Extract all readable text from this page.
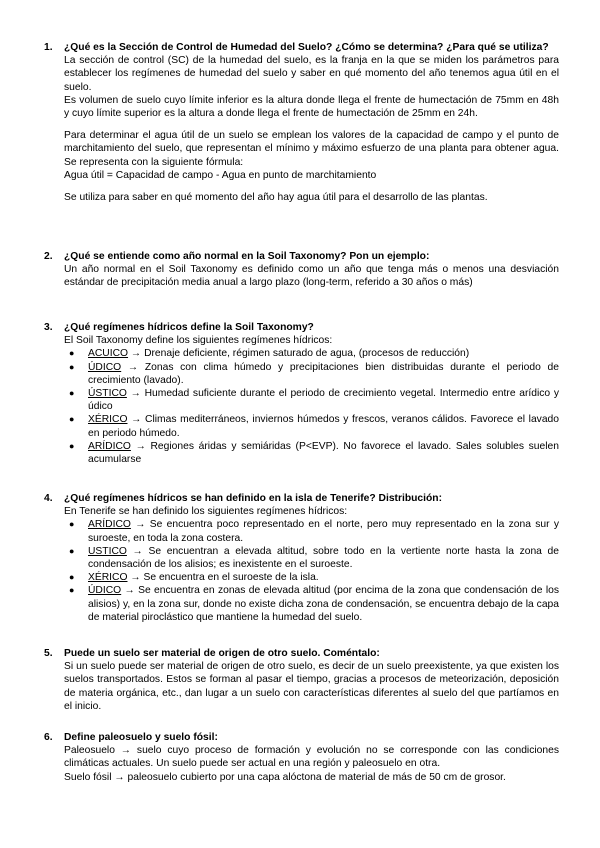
1. ¿Qué es la Sección de Control de Humedad del Suelo? ¿Cómo se determina? ¿Para qué se utiliza?
La sección de control (SC) de la humedad del suelo, es la franja en la que se miden los parámetros para establecer los regímenes de humedad del suelo y saber en qué momento del año tenemos agua útil en el suelo.
Es volumen de suelo cuyo límite inferior es la altura donde llega el frente de humectación de 75mm en 48h y cuyo límite superior es la altura a donde llega el frente de humectación de 25mm en 24h.
Para determinar el agua útil de un suelo se emplean los valores de la capacidad de campo y el punto de marchitamiento del suelo, que representan el mínimo y máximo esfuerzo de una planta para obtener agua. Se representa con la siguiente fórmula:
Agua útil = Capacidad de campo - Agua en punto de marchitamiento
Se utiliza para saber en qué momento del año hay agua útil para el desarrollo de las plantas.
2. ¿Qué se entiende como año normal en la Soil Taxonomy? Pon un ejemplo:
Un año normal en el Soil Taxonomy es definido como un año que tenga más o menos una desviación estándar de precipitación media anual a largo plazo (long-term, referido a 30 años o más)
3. ¿Qué regímenes hídricos define la Soil Taxonomy?
El Soil Taxonomy define los siguientes regímenes hídricos:
● ACUICO → Drenaje deficiente, régimen saturado de agua, (procesos de reducción)
● ÚDICO → Zonas con clima húmedo y precipitaciones bien distribuidas durante el periodo de crecimiento (lavado).
● ÚSTICO → Humedad suficiente durante el periodo de crecimiento vegetal. Intermedio entre arídico y údico
● XÉRICO → Climas mediterráneos, inviernos húmedos y frescos, veranos cálidos. Favorece el lavado en periodo húmedo.
● ARÍDICO → Regiones áridas y semiáridas (P<EVP). No favorece el lavado. Sales solubles suelen acumularse
4. ¿Qué regímenes hídricos se han definido en la isla de Tenerife? Distribución:
En Tenerife se han definido los siguientes regímenes hídricos:
● ARÍDICO → Se encuentra poco representado en el norte, pero muy representado en la zona sur y suroeste, en toda la zona costera.
● USTICO → Se encuentran a elevada altitud, sobre todo en la vertiente norte hasta la zona de condensación de los alisios; es inexistente en el suroeste.
● XÉRICO → Se encuentra en el suroeste de la isla.
● ÚDICO → Se encuentra en zonas de elevada altitud (por encima de la zona que condensación de los alisios) y, en la zona sur, donde no existe dicha zona de condensación, se encuentra debajo de la capa de material piroclástico que mantiene la humedad del suelo.
5. Puede un suelo ser material de origen de otro suelo. Coméntalo:
Si un suelo puede ser material de origen de otro suelo, es decir de un suelo preexistente, ya que existen los suelos transportados. Estos se forman al pasar el tiempo, gracias a procesos de meteorización, deposición de materia orgánica, etc., dan lugar a un suelo con características diferentes al suelo del que partíamos en el inicio.
6. Define paleosuelo y suelo fósil:
Paleosuelo → suelo cuyo proceso de formación y evolución no se corresponde con las condiciones climáticas actuales. Un suelo puede ser actual en una región y paleosuelo en otra.
Suelo fósil → paleosuelo cubierto por una capa alóctona de material de más de 50 cm de grosor.
